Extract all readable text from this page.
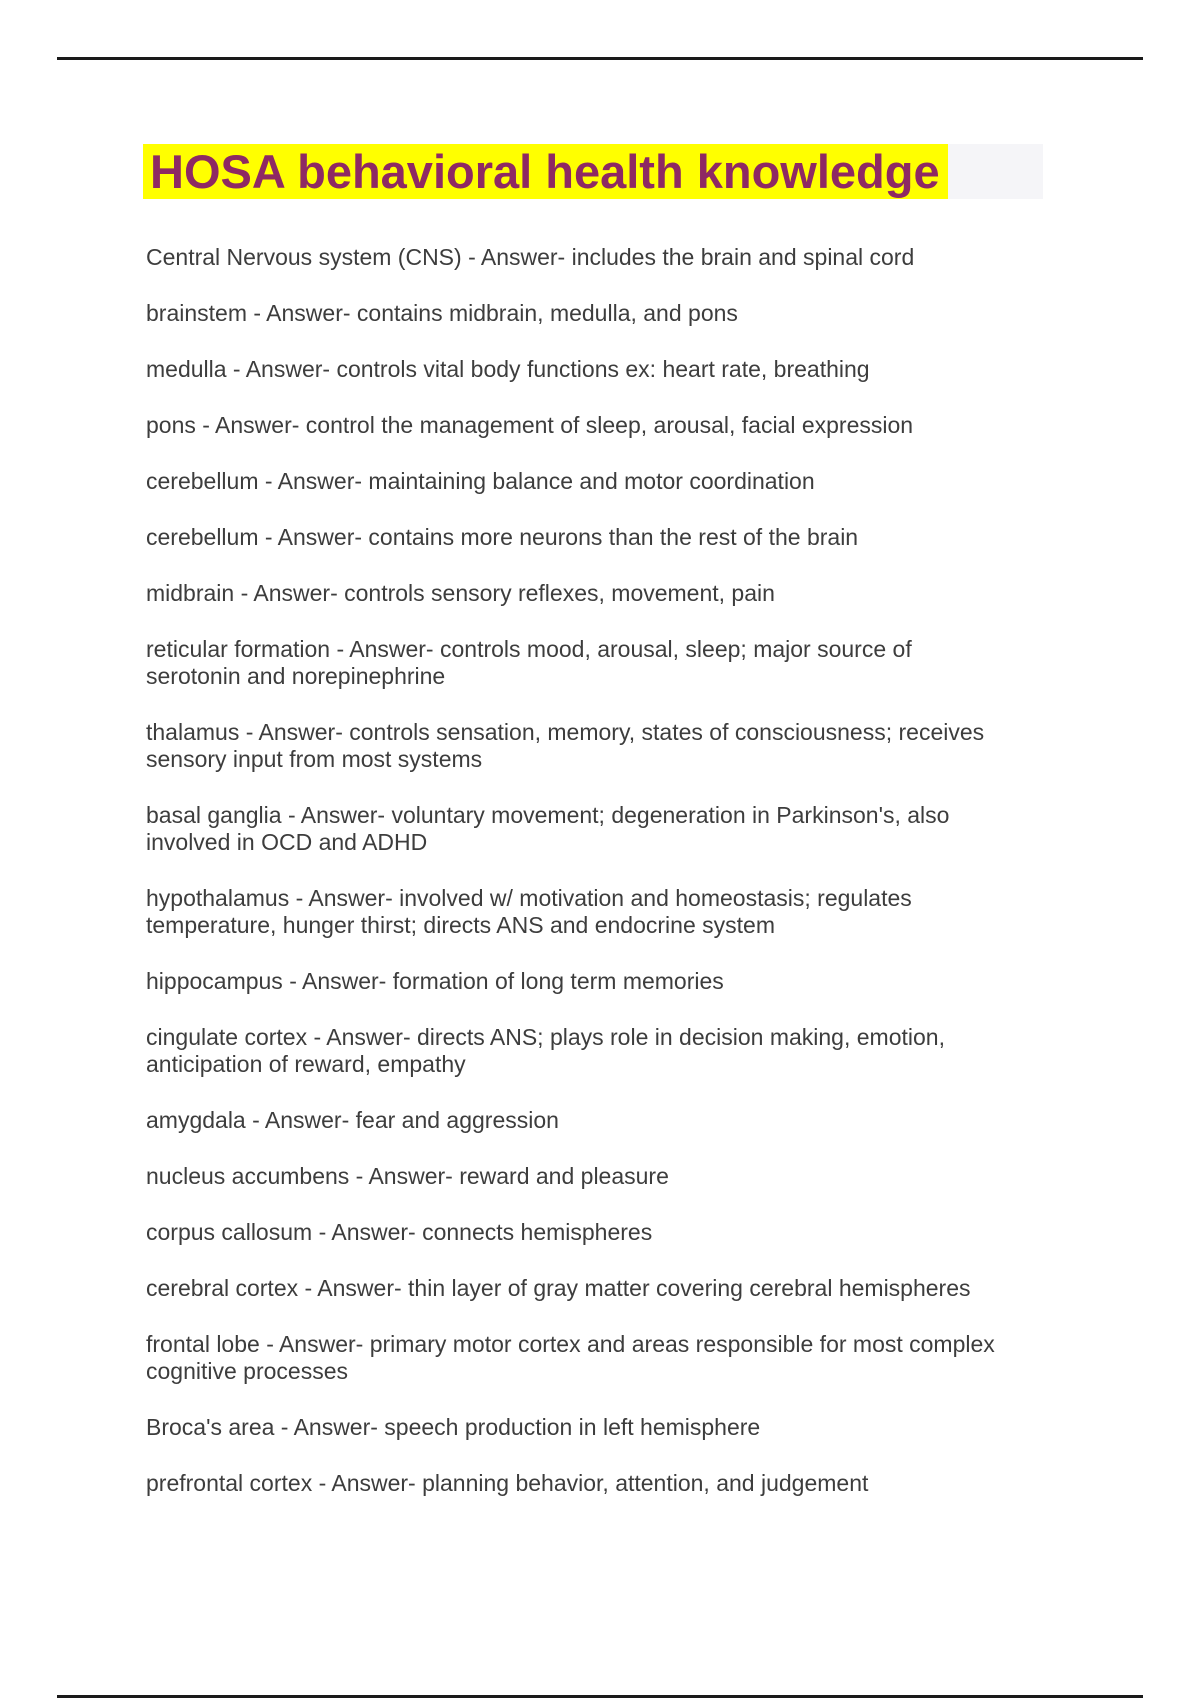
HOSA behavioral health knowledge

Central Nervous system (CNS) - Answer- includes the brain and spinal cord

brainstem - Answer- contains midbrain, medulla, and pons

medulla - Answer- controls vital body functions ex: heart rate, breathing

pons - Answer- control the management of sleep, arousal, facial expression

cerebellum - Answer- maintaining balance and motor coordination

cerebellum - Answer- contains more neurons than the rest of the brain

midbrain - Answer- controls sensory reflexes, movement, pain

reticular formation - Answer- controls mood, arousal, sleep; major source of serotonin and norepinephrine

thalamus - Answer- controls sensation, memory, states of consciousness; receives sensory input from most systems

basal ganglia - Answer- voluntary movement; degeneration in Parkinson's, also involved in OCD and ADHD

hypothalamus - Answer- involved w/ motivation and homeostasis; regulates temperature, hunger thirst; directs ANS and endocrine system

hippocampus - Answer- formation of long term memories

cingulate cortex - Answer- directs ANS; plays role in decision making, emotion, anticipation of reward, empathy

amygdala - Answer- fear and aggression

nucleus accumbens - Answer- reward and pleasure

corpus callosum - Answer- connects hemispheres

cerebral cortex - Answer- thin layer of gray matter covering cerebral hemispheres

frontal lobe - Answer- primary motor cortex and areas responsible for most complex cognitive processes

Broca's area - Answer- speech production in left hemisphere

prefrontal cortex - Answer- planning behavior, attention, and judgement
